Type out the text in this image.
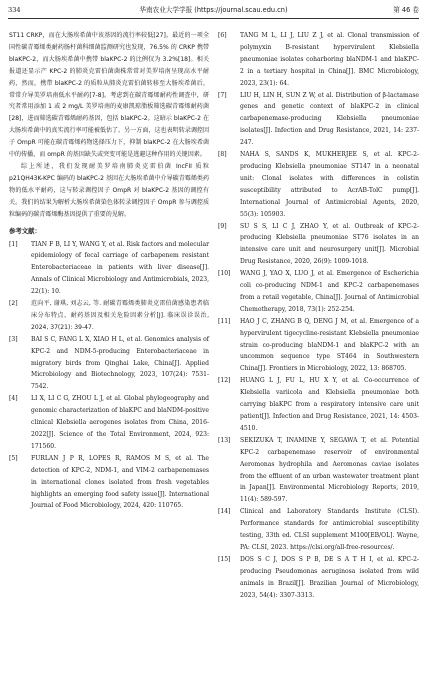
334	华南农业大学学报 (https://journal.scau.edu.cn)	第 46 卷

ST11 CRKP，而在大肠埃希菌中该基因的流行率较低[27]。最近的一项全国性碳青霉烯类耐药肠杆菌科细菌监测研究也发现，76.5% 的 CRKP 携带 blaKPC-2，而大肠埃希菌中携带 blaKPC-2 的比例仅为 3.2%[18]。相关报道还显示产 KPC-2 的肺炎克雷伯菌菌株常常对美罗培南呈现高水平耐药，然而，携带 blaKPC-2 的质粒从肺炎克雷伯菌转移至大肠埃希菌后，常常介导美罗培南低水平耐药[7-8]。考虑到在碳青霉烯耐药性调查中，研究者常用添加 1 或 2 mg/L 美罗培南的麦康凯琼脂板筛选碳青霉烯耐药菌[28]，进而筛选碳青霉烯耐药基因，包括 blaKPC-2。这暗示 blaKPC-2 在大肠埃希菌中的真实流行率可能被低估了。另一方面，这也表明转录调控因子 OmpR 可能在碳青霉烯药物选择压力下，抑制 blaKPC-2 在大肠埃希菌中的传播，而 ompR 的基因缺失或突变可能是逃避这种作用的关键因素。

综上所述，我们发现耐美罗培南肺炎克雷伯菌 IncFII 质粒 p21QH43K-KPC 编码的 blaKPC-2 基因在大肠埃希菌中介导碳青霉烯类药物的低水平耐药，这与转录调控因子 OmpR 对 blaKPC-2 基因的调控有关。我们的结果为解析大肠埃希菌染色体转录调控因子 OmpR 参与调控质粒编码的碳青霉烯酶基因提供了重要的见解。

参考文献：
[1] TIAN F B, LI Y, WANG Y, et al. Risk factors and molecular epidemiology of fecal carriage of carbapenem resistant Enterobacteriaceae in patients with liver disease[J]. Annals of Clinical Microbiology and Antimicrobials, 2023, 22(1): 10.
[2] 范向平, 谢琪, 刘志云, 等. 耐碳青霉烯类肺炎克雷伯菌感染患者临床分布特点、耐药基因及相关危险因素分析[J]. 临床误诊误治, 2024, 37(21): 39-47.
[3] BAI S C, FANG L X, XIAO H L, et al. Genomics analysis of KPC-2 and NDM-5-producing Enterobacteriaceae in migratory birds from Qinghai Lake, China[J]. Applied Microbiology and Biotechnology, 2023, 107(24): 7531-7542.
[4] LI X, LI C G, ZHOU L J, et al. Global phylogeography and genomic characterization of blaKPC and blaNDM-positive clinical Klebsiella aerogenes isolates from China, 2016-2022[J]. Science of the Total Environment, 2024, 923: 171560.
[5] FURLAN J P R, LOPES R, RAMOS M S, et al. The detection of KPC-2, NDM-1, and VIM-2 carbapenemases in international clones isolated from fresh vegetables highlights an emerging food safety issue[J]. International Journal of Food Microbiology, 2024, 420: 110765.
[6] TANG M L, LI J, LIU Z J, et al. Clonal transmission of polymyxin B-resistant hypervirulent Klebsiella pneumoniae isolates coharboring blaNDM-1 and blaKPC-2 in a tertiary hospital in China[J]. BMC Microbiology, 2023, 23(1): 64.
[7] LIU H, LIN H, SUN Z W, et al. Distribution of β-lactamase genes and genetic context of blaKPC-2 in clinical carbapenemase-producing Klebsiella pneumoniae isolates[J]. Infection and Drug Resistance, 2021, 14: 237-247.
[8] NAHA S, SANDS K, MUKHERJEE S, et al. KPC-2-producing Klebsiella pneumoniae ST147 in a neonatal unit: Clonal isolates with differences in colistin susceptibility attributed to AcrAB-TolC pump[J]. International Journal of Antimicrobial Agents, 2020, 55(3): 105903.
[9] SU S S, LI C J, ZHAO Y, et al. Outbreak of KPC-2-producing Klebsiella pneumoniae ST76 isolates in an intensive care unit and neurosurgery unit[J]. Microbial Drug Resistance, 2020, 26(9): 1009-1018.
[10] WANG J, YAO X, LUO J, et al. Emergence of Escherichia coli co-producing NDM-1 and KPC-2 carbapenemases from a retail vegetable, China[J]. Journal of Antimicrobial Chemotherapy, 2018, 73(1): 252-254.
[11] HAO J C, ZHANG B Q, DENG J M, et al. Emergence of a hypervirulent tigecycline-resistant Klebsiella pneumoniae strain co-producing blaNDM-1 and blaKPC-2 with an uncommon sequence type ST464 in Southwestern China[J]. Frontiers in Microbiology, 2022, 13: 868705.
[12] HUANG L J, FU L, HU X Y, et al. Co-occurrence of Klebsiella variicola and Klebsiella pneumoniae both carrying blaKPC from a respiratory intensive care unit patient[J]. Infection and Drug Resistance, 2021, 14: 4503-4510.
[13] SEKIZUKA T, INAMINE Y, SEGAWA T, et al. Potential KPC-2 carbapenemase reservoir of environmental Aeromonas hydrophila and Aeromonas caviae isolates from the effluent of an urban wastewater treatment plant in Japan[J]. Environmental Microbiology Reports, 2019, 11(4): 589-597.
[14] Clinical and Laboratory Standards Institute (CLSI). Performance standards for antimicrobial susceptibility testing, 33th ed. CLSI supplement M100[EB/OL]. Wayne, PA: CLSI, 2023. https://clsi.org/all-free-resources/.
[15] DOS S C J, DOS S P B, DE S A T H I, et al. KPC-2-producing Pseudomonas aeruginosa isolated from wild animals in Brazil[J]. Brazilian Journal of Microbiology, 2023, 54(4): 3307-3313.
